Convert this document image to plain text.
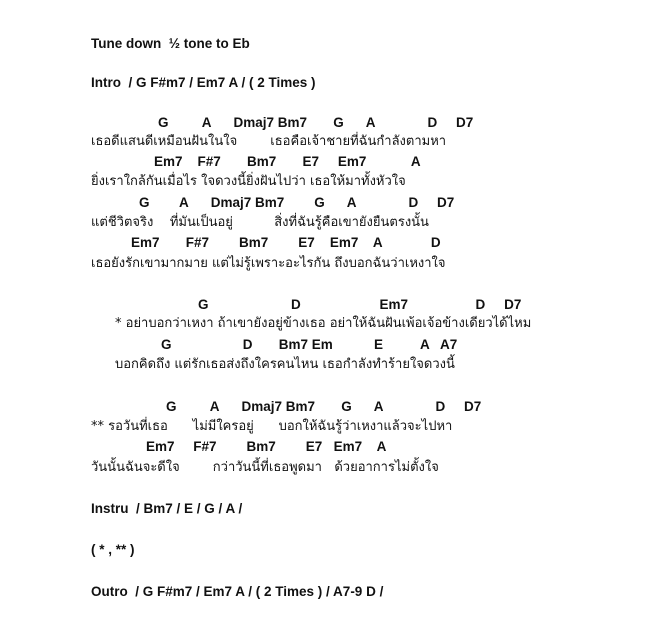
Tune down  ½ tone to Eb
Intro  / G F#m7 / Em7 A / ( 2 Times )
G         A      Dmaj7 Bm7       G      A              D     D7
เธอดีแสนดีเหมือนฝันในใจ        เธอคือเจ้าชายที่ฉันกำลังตามหา
Em7    F#7       Bm7       E7     Em7            A
ยิ่งเราใกล้กันเมื่อไร ใจดวงนี้ยิ่งฝันไปว่า เธอให้มาทั้งหัวใจ
G        A      Dmaj7 Bm7        G      A              D     D7
แต่ชีวิตจริง    ที่มันเป็นอยู่          สิ่งที่ฉันรู้คือเขายังยืนตรงนั้น
Em7       F#7        Bm7        E7    Em7    A             D
เธอยังรักเขามากมาย แต่ไม่รู้เพราะอะไรกัน ถึงบอกฉันว่าเหงาใจ
G                      D                     Em7                  D     D7
* อย่าบอกว่าเหงา ถ้าเขายังอยู่ข้างเธอ อย่าให้ฉันฝันเพ้อเจ้อข้างเดียวได้ไหม
G                   D       Bm7 Em           E          A   A7
บอกคิดถึง แต่รักเธอส่งถึงใครคนไหน เธอกำลังทำร้ายใจดวงนี้
G         A      Dmaj7 Bm7       G      A              D     D7
** รอวันที่เธอ      ไม่มีใครอยู่      บอกให้ฉันรู้ว่าเหงาแล้วจะไปหา
Em7     F#7        Bm7        E7   Em7    A
วันนั้นฉันจะดีใจ        กว่าวันนี้ที่เธอพูดมา   ด้วยอาการไม่ตั้งใจ
Instru  / Bm7 / E / G / A /
( * , ** )
Outro  / G F#m7 / Em7 A / ( 2 Times ) / A7-9 D /
